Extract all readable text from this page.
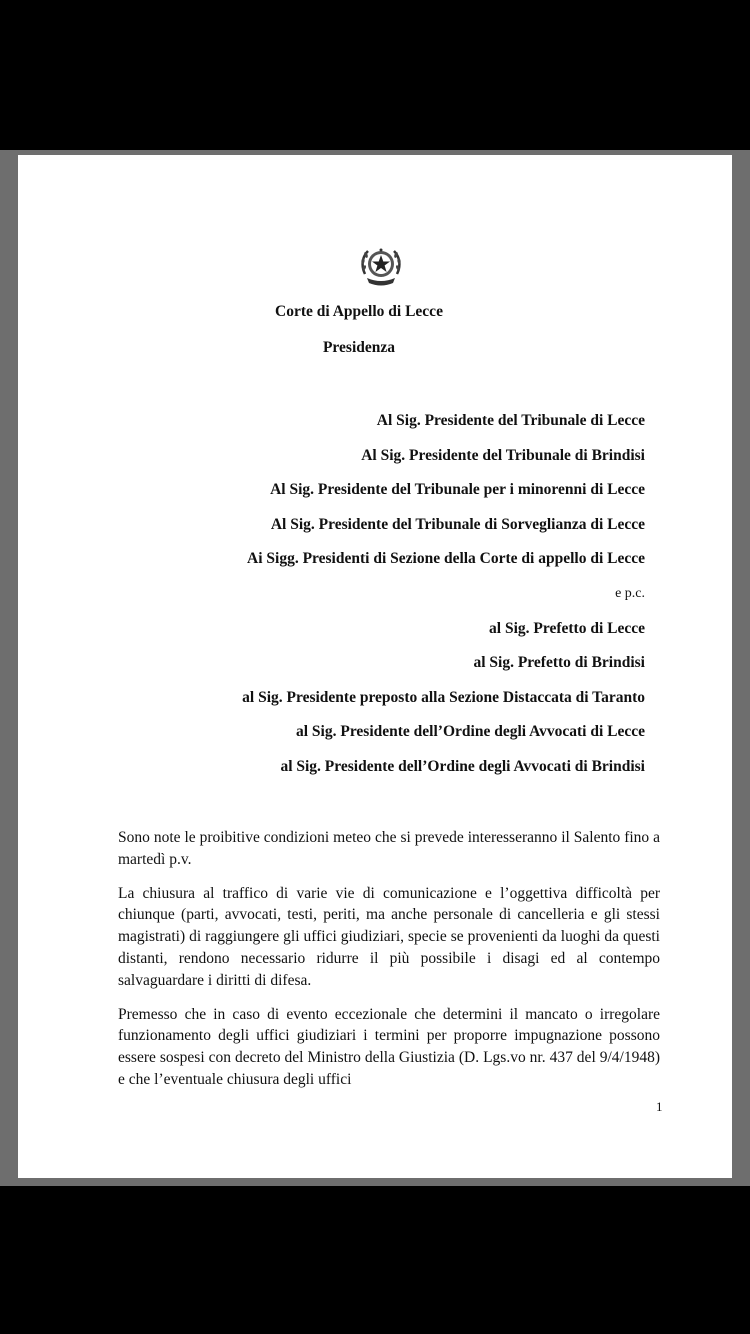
Corte di Appello di Lecce
Presidenza
Al Sig. Presidente del Tribunale di Lecce
Al Sig. Presidente del Tribunale di Brindisi
Al Sig. Presidente del Tribunale per i minorenni di Lecce
Al Sig. Presidente del Tribunale di Sorveglianza di Lecce
Ai Sigg. Presidenti di Sezione della Corte di appello di Lecce
e p.c.
al Sig. Prefetto di Lecce
al Sig. Prefetto di Brindisi
al Sig. Presidente preposto alla Sezione Distaccata di Taranto
al Sig. Presidente dell’Ordine degli Avvocati di Lecce
al Sig. Presidente dell’Ordine degli Avvocati di Brindisi

Sono note le proibitive condizioni meteo che si prevede interesseranno il Salento fino a martedì p.v.

La chiusura al traffico di varie vie di comunicazione e l’oggettiva difficoltà per chiunque (parti, avvocati, testi, periti, ma anche personale di cancelleria e gli stessi magistrati) di raggiungere gli uffici giudiziari, specie se provenienti da luoghi da questi distanti, rendono necessario ridurre il più possibile i disagi ed al contempo salvaguardare i diritti di difesa.

Premesso che in caso di evento eccezionale che determini il mancato o irregolare funzionamento degli uffici giudiziari i termini per proporre impugnazione possono essere sospesi con decreto del Ministro della Giustizia (D. Lgs.vo nr. 437 del 9/4/1948) e che l’eventuale chiusura degli uffici

1
